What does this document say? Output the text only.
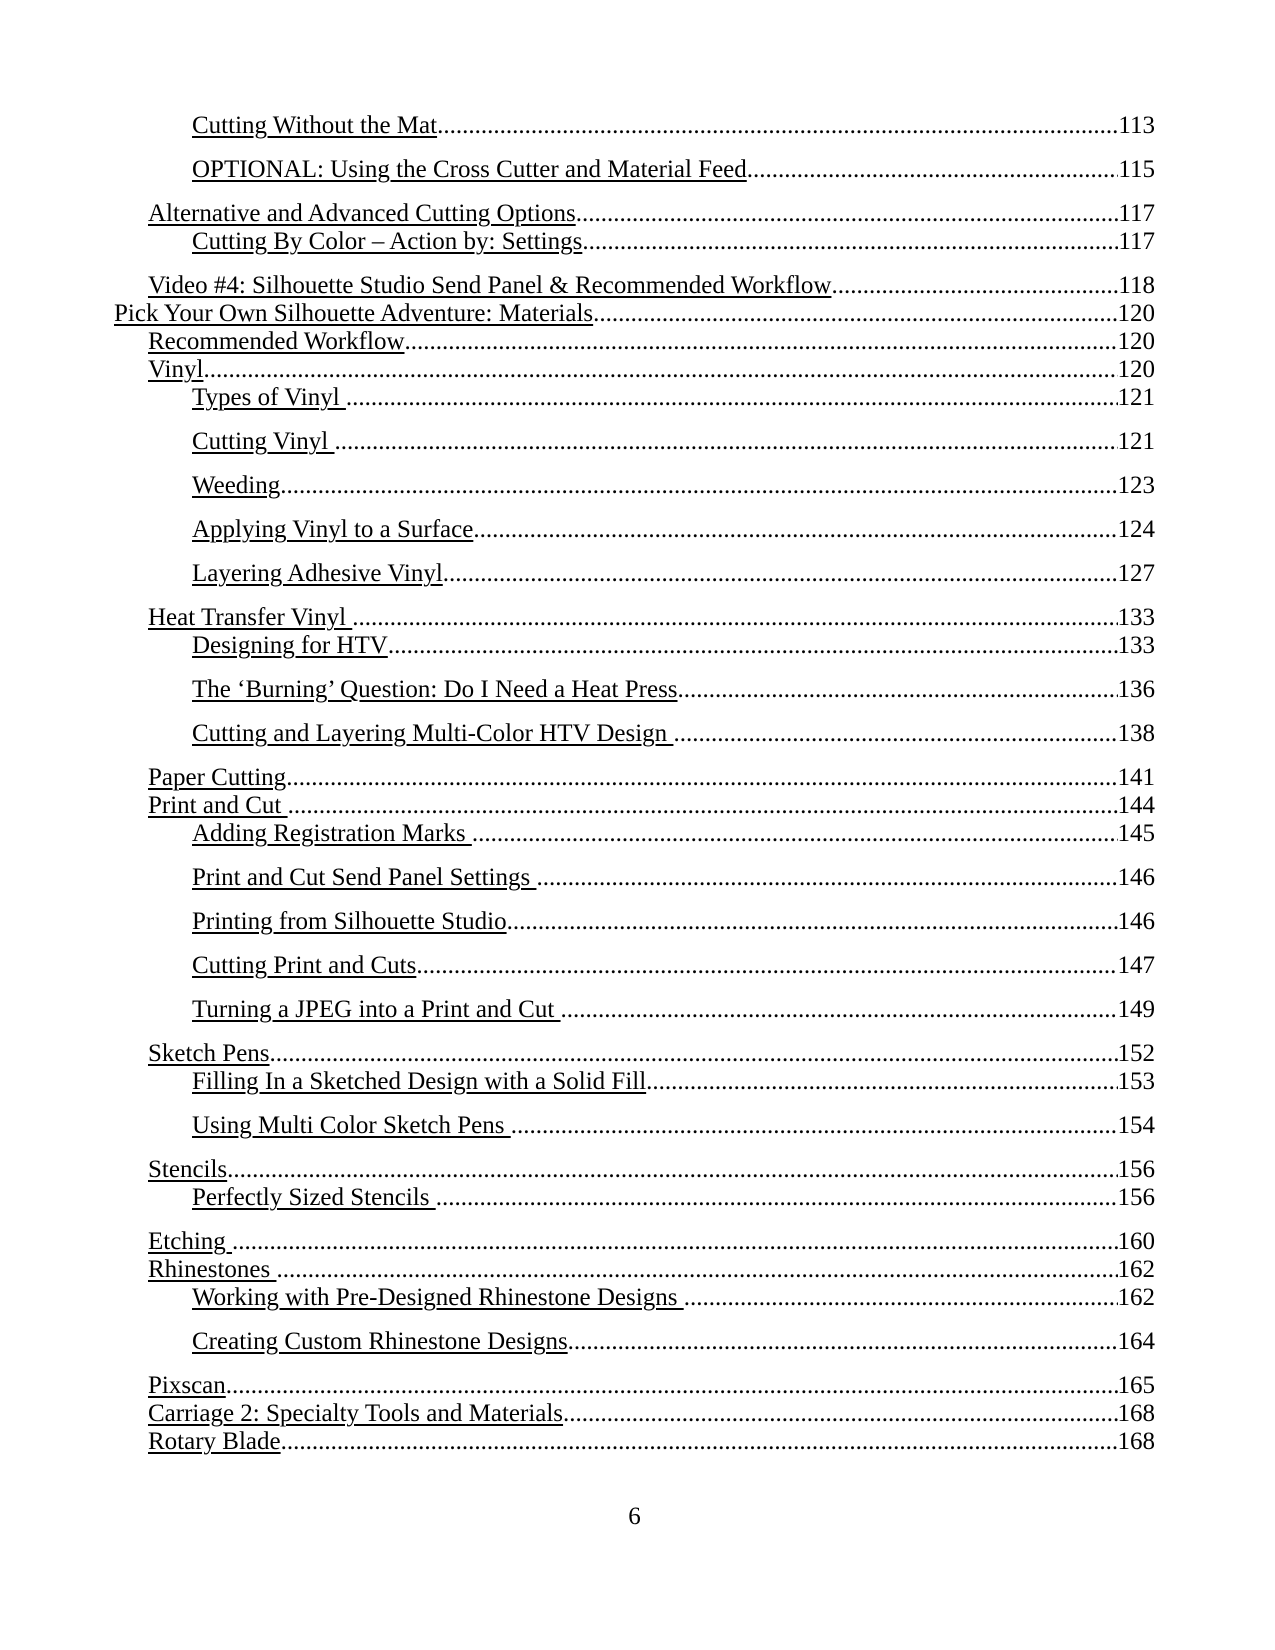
Cutting Without the Mat .....	113
OPTIONAL: Using the Cross Cutter and Material Feed .....	115
Alternative and Advanced Cutting Options .....	117
Cutting By Color – Action by: Settings .....	117
Video #4: Silhouette Studio Send Panel & Recommended Workflow .....	118
Pick Your Own Silhouette Adventure: Materials .....	120
Recommended Workflow .....	120
Vinyl .....	120
Types of Vinyl .....	121
Cutting Vinyl .....	121
Weeding .....	123
Applying Vinyl to a Surface .....	124
Layering Adhesive Vinyl .....	127
Heat Transfer Vinyl .....	133
Designing for HTV .....	133
The ‘Burning’ Question: Do I Need a Heat Press .....	136
Cutting and Layering Multi-Color HTV Design .....	138
Paper Cutting .....	141
Print and Cut .....	144
Adding Registration Marks .....	145
Print and Cut Send Panel Settings .....	146
Printing from Silhouette Studio .....	146
Cutting Print and Cuts .....	147
Turning a JPEG into a Print and Cut .....	149
Sketch Pens .....	152
Filling In a Sketched Design with a Solid Fill .....	153
Using Multi Color Sketch Pens .....	154
Stencils .....	156
Perfectly Sized Stencils .....	156
Etching .....	160
Rhinestones .....	162
Working with Pre-Designed Rhinestone Designs .....	162
Creating Custom Rhinestone Designs .....	164
Pixscan .....	165
Carriage 2: Specialty Tools and Materials .....	168
Rotary Blade .....	168
6
